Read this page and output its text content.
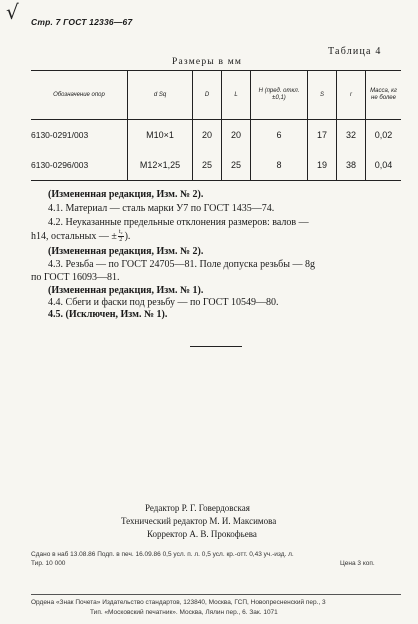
√ Стр. 7 ГОСТ 12336—67
Таблица 4
Размеры в мм
Обозначение опор	d Sq	D	L	H (пред. откл. ±0,1)	S	r	Масса, кг не более
6130-0291/003	М10×1	20	20	6	17	32	0,02
6130-0296/003	М12×1,25	25	25	8	19	38	0,04
(Измененная редакция, Изм. № 2).
4.1. Материал — сталь марки У7 по ГОСТ 1435—74.
4.2. Неуказанные предельные отклонения размеров: валов —
h14, остальных — ± $\frac{\text{t₂}}{2}$ ).
(Измененная редакция, Изм. № 2).
4.3. Резьба — по ГОСТ 24705—81. Поле допуска резьбы — 8g
по ГОСТ 16093—81.
(Измененная редакция, Изм. № 1).
4.4. Сбеги и фаски под резьбу — по ГОСТ 10549—80.
4.5. (Исключен, Изм. № 1).
Редактор Р. Г. Говердовская
Технический редактор М. И. Максимова
Корректор А. В. Прокофьева
Сдано в наб 13.08.86 Подп. в печ. 16.09.86 0,5 усл. п. л. 0,5 усл. кр.-отт. 0,43 уч.-изд. л.
Тир. 10 000	Цена 3 коп.
Ордена «Знак Почета» Издательство стандартов, 123840, Москва, ГСП, Новопресненский пер., 3
Тип. «Московский печатник». Москва, Лялин пер., 6. Зак. 1071
